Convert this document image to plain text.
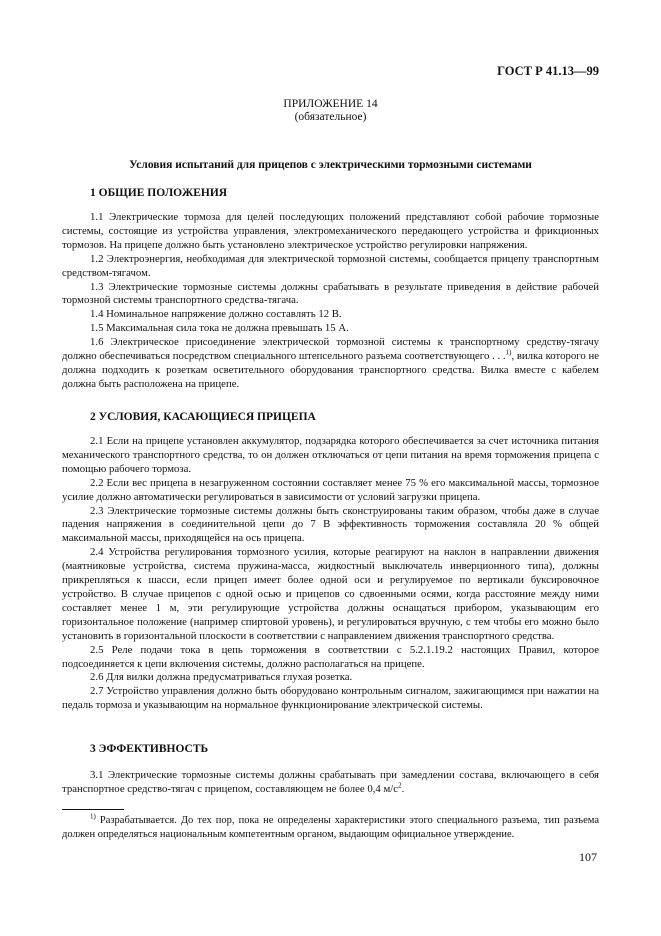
ГОСТ Р 41.13—99
ПРИЛОЖЕНИЕ 14
(обязательное)
Условия испытаний для прицепов с электрическими тормозными системами
1 ОБЩИЕ ПОЛОЖЕНИЯ

1.1 Электрические тормоза для целей последующих положений представляют собой рабочие тормозные системы, состоящие из устройства управления, электромеханического передающего устройства и фрикционных тормозов. На прицепе должно быть установлено электрическое устройство регулировки напряжения.

1.2 Электроэнергия, необходимая для электрической тормозной системы, сообщается прицепу транспортным средством-тягачом.

1.3 Электрические тормозные системы должны срабатывать в результате приведения в действие рабочей тормозной системы транспортного средства-тягача.

1.4 Номинальное напряжение должно составлять 12 В.

1.5 Максимальная сила тока не должна превышать 15 А.

1.6 Электрическое присоединение электрической тормозной системы к транспортному средству-тягачу должно обеспечиваться посредством специального штепсельного разъема соответствующего . . .$^{1)}$, вилка которого не должна подходить к розеткам осветительного оборудования транспортного средства. Вилка вместе с кабелем должна быть расположена на прицепе.

2 УСЛОВИЯ, КАСАЮЩИЕСЯ ПРИЦЕПА

2.1 Если на прицепе установлен аккумулятор, подзарядка которого обеспечивается за счет источника питания механического транспортного средства, то он должен отключаться от цепи питания на время торможения прицепа с помощью рабочего тормоза.

2.2 Если вес прицепа в незагруженном состоянии составляет менее 75 % его максимальной массы, тормозное усилие должно автоматически регулироваться в зависимости от условий загрузки прицепа.

2.3 Электрические тормозные системы должны быть сконструированы таким образом, чтобы даже в случае падения напряжения в соединительной цепи до 7 В эффективность торможения составляла 20 % общей максимальной массы, приходящейся на ось прицепа.

2.4 Устройства регулирования тормозного усилия, которые реагируют на наклон в направлении движения (маятниковые устройства, система пружина-масса, жидкостный выключатель инверционного типа), должны прикрепляться к шасси, если прицеп имеет более одной оси и регулируемое по вертикали буксировочное устройство. В случае прицепов с одной осью и прицепов со сдвоенными осями, когда расстояние между ними составляет менее 1 м, эти регулирующие устройства должны оснащаться прибором, указывающим его горизонтальное положение (например спиртовой уровень), и регулироваться вручную, с тем чтобы его можно было установить в горизонтальной плоскости в соответствии с направлением движения транспортного средства.

2.5 Реле подачи тока в цепь торможения в соответствии с 5.2.1.19.2 настоящих Правил, которое подсоединяется к цепи включения системы, должно располагаться на прицепе.

2.6 Для вилки должна предусматриваться глухая розетка.

2.7 Устройство управления должно быть оборудовано контрольным сигналом, зажигающимся при нажатии на педаль тормоза и указывающим на нормальное функционирование электрической системы.

3 ЭФФЕКТИВНОСТЬ

3.1 Электрические тормозные системы должны срабатывать при замедлении состава, включающего в себя транспортное средство-тягач с прицепом, составляющем не более 0,4 $м/с^2$.

$^{1)}$ Разрабатывается. До тех пор, пока не определены характеристики этого специального разъема, тип разъема должен определяться национальным компетентным органом, выдающим официальное утверждение.

107
